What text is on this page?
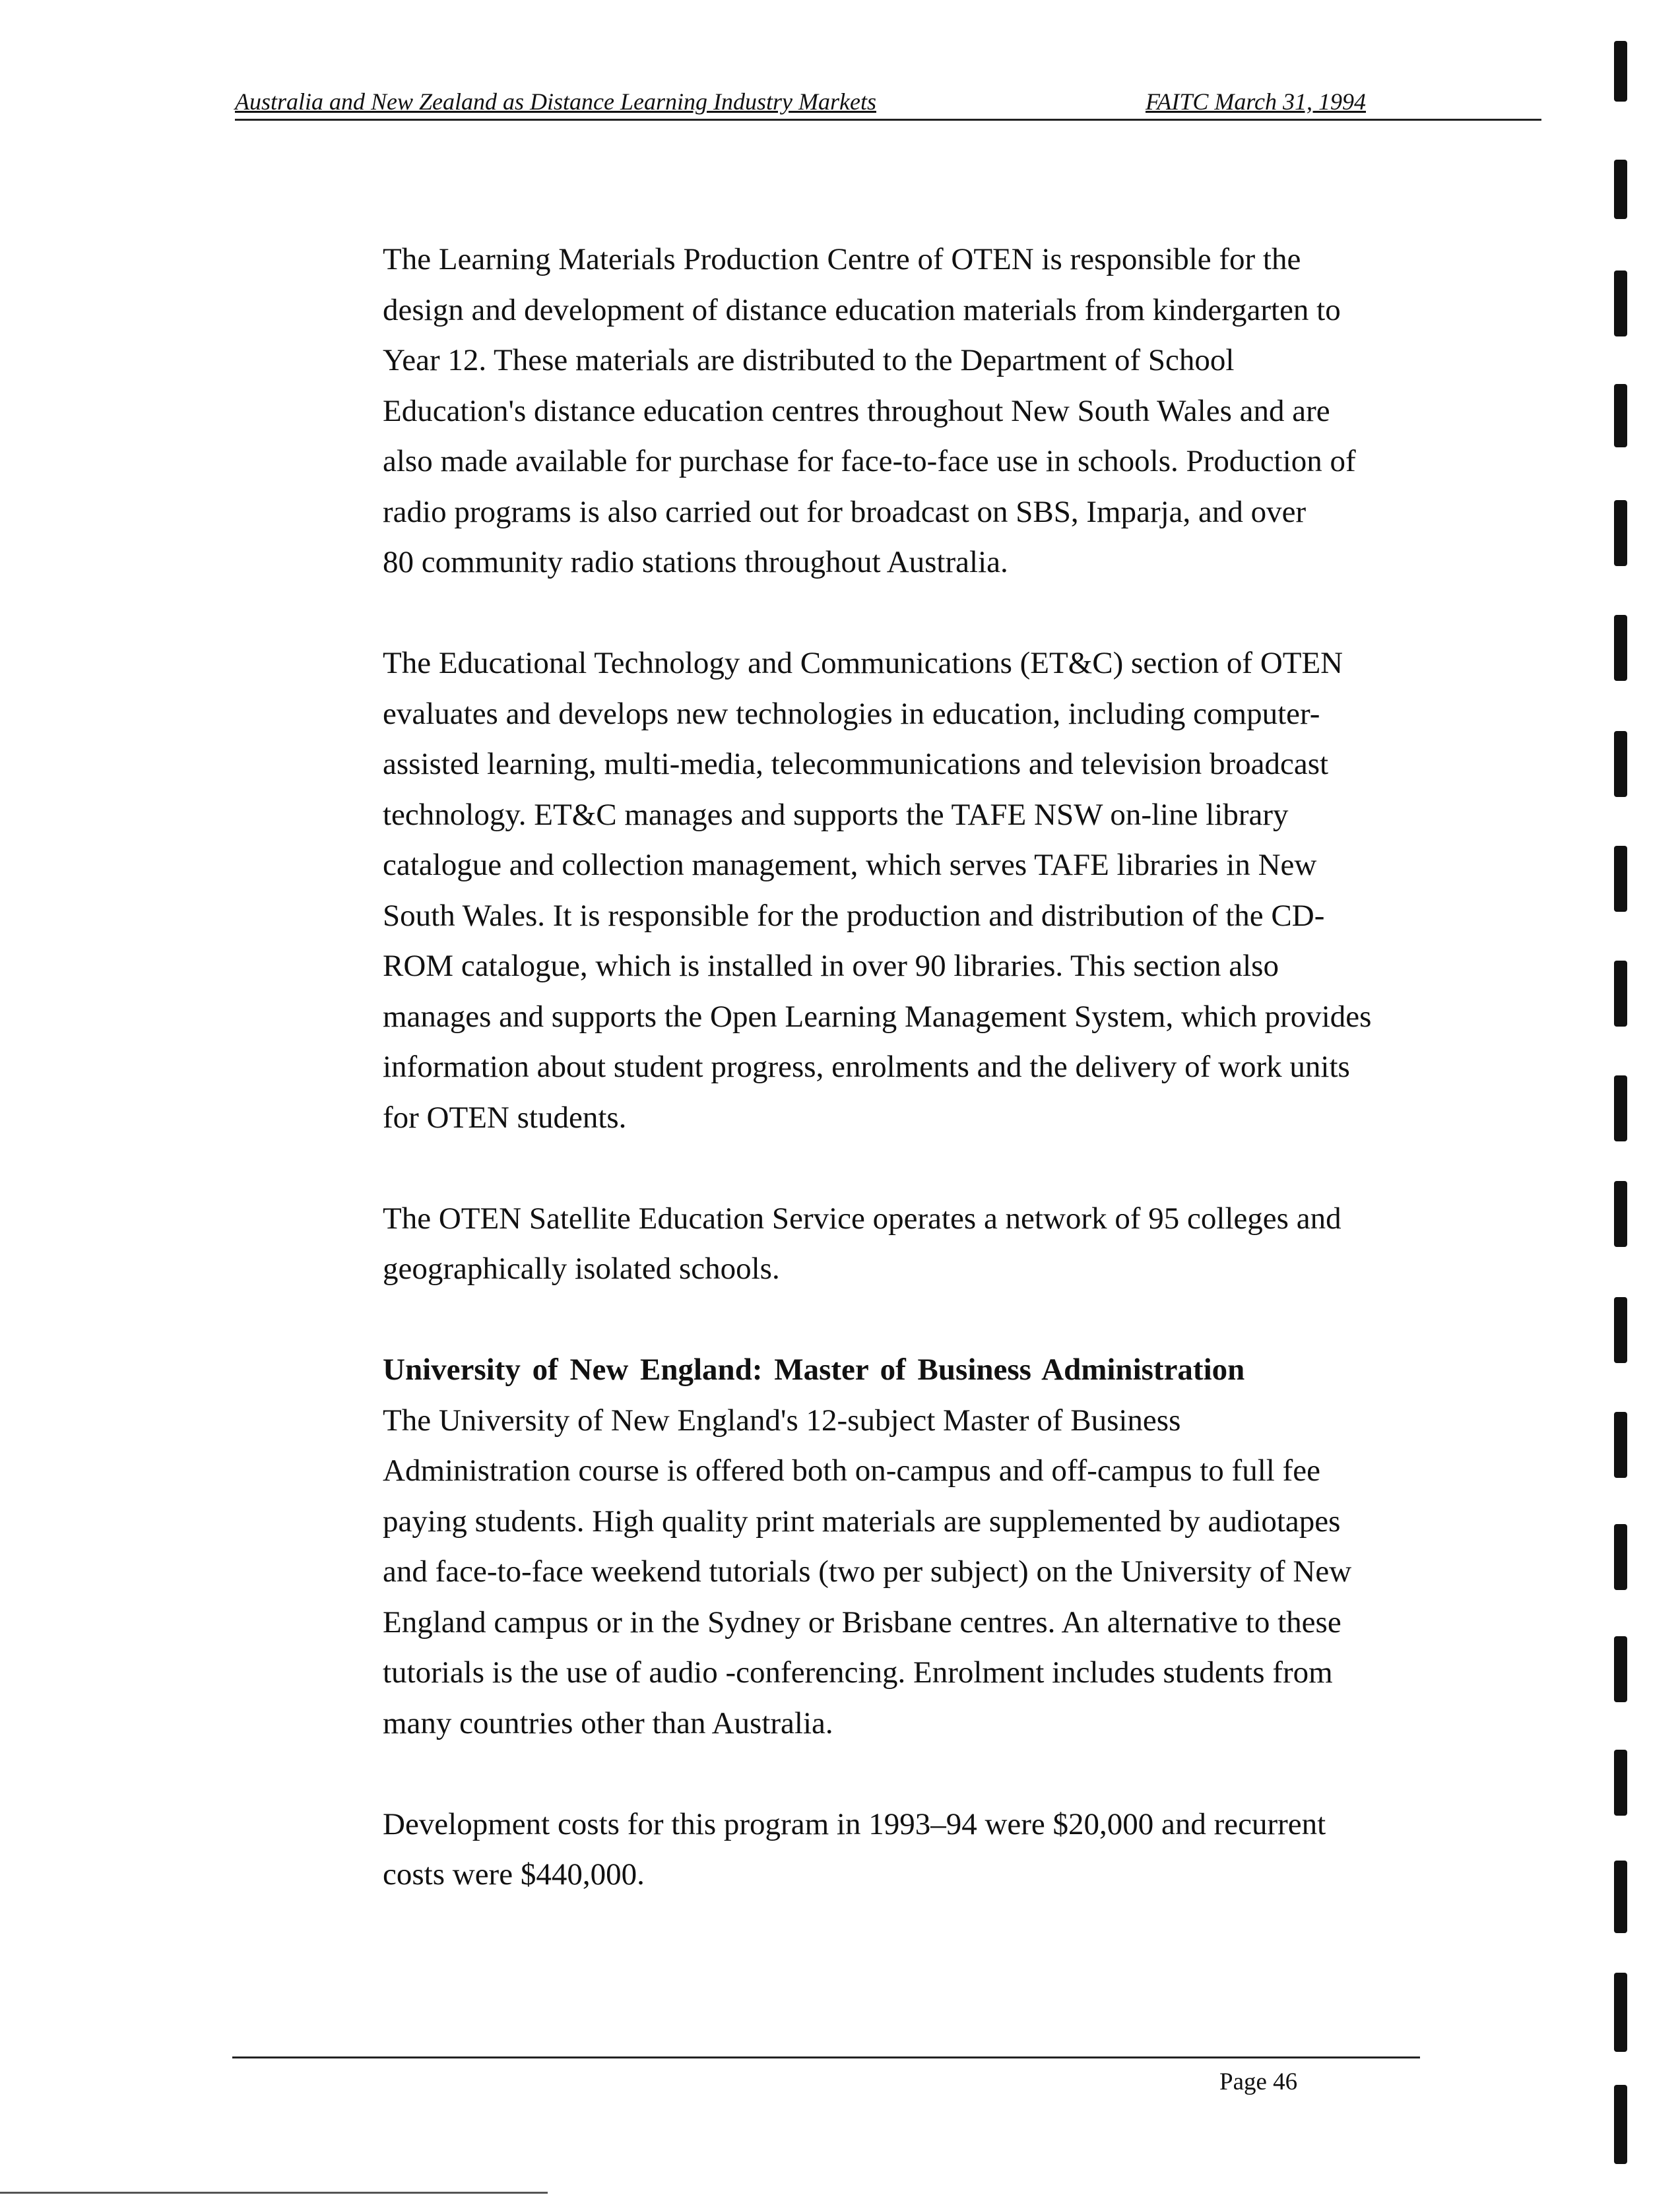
Australia and New Zealand as Distance Learning Industry Markets	FAITC March 31, 1994

The Learning Materials Production Centre of OTEN is responsible for the
design and development of distance education materials from kindergarten to
Year 12. These materials are distributed to the Department of School
Education's distance education centres throughout New South Wales and are
also made available for purchase for face-to-face use in schools. Production of
radio programs is also carried out for broadcast on SBS, Imparja, and over
80 community radio stations throughout Australia.

The Educational Technology and Communications (ET&C) section of OTEN
evaluates and develops new technologies in education, including computer-
assisted learning, multi-media, telecommunications and television broadcast
technology. ET&C manages and supports the TAFE NSW on-line library
catalogue and collection management, which serves TAFE libraries in New
South Wales. It is responsible for the production and distribution of the CD-
ROM catalogue, which is installed in over 90 libraries. This section also
manages and supports the Open Learning Management System, which provides
information about student progress, enrolments and the delivery of work units
for OTEN students.

The OTEN Satellite Education Service operates a network of 95 colleges and
geographically isolated schools.

University of New England: Master of Business Administration

The University of New England's 12-subject Master of Business
Administration course is offered both on-campus and off-campus to full fee
paying students. High quality print materials are supplemented by audiotapes
and face-to-face weekend tutorials (two per subject) on the University of New
England campus or in the Sydney or Brisbane centres. An alternative to these
tutorials is the use of audio -conferencing. Enrolment includes students from
many countries other than Australia.

Development costs for this program in 1993–94 were $20,000 and recurrent
costs were $440,000.

Page 46
